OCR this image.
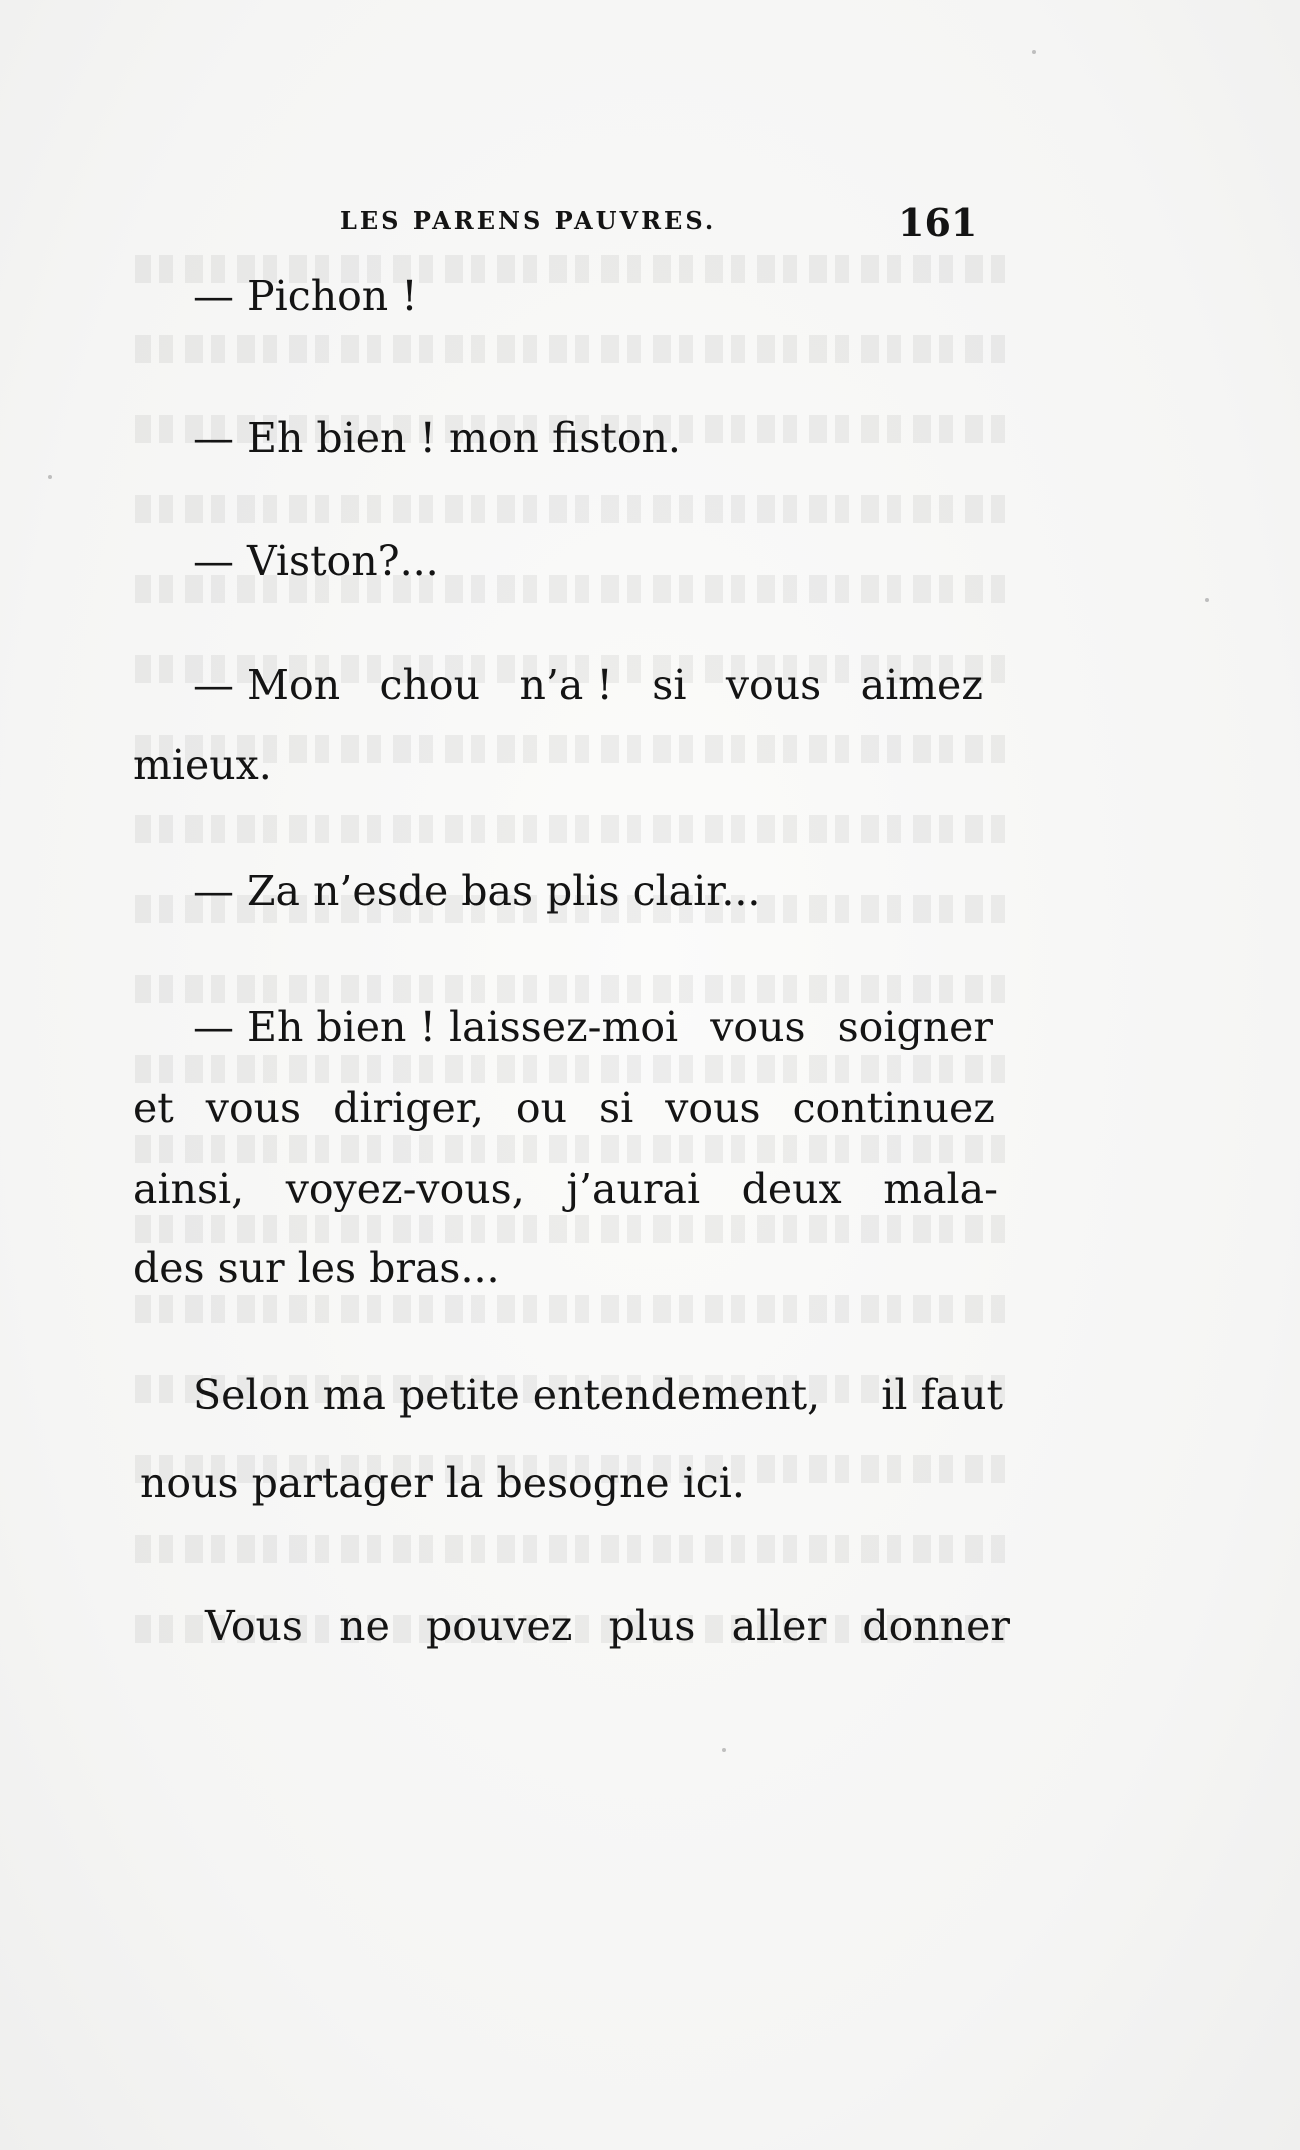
LES PARENS PAUVRES.	161
— Pichon !
— Eh bien ! mon fiston.
— Viston?...
— Mon chou n’a ! si vous aimez
mieux.
— Za n’esde bas plis clair...
— Eh bien ! laissez-moi vous soigner
et vous diriger, ou si vous continuez
ainsi, voyez-vous, j’aurai deux mala-
des sur les bras...
Selon ma petite entendement, il faut
nous partager la besogne ici.
Vous ne pouvez plus aller donner
